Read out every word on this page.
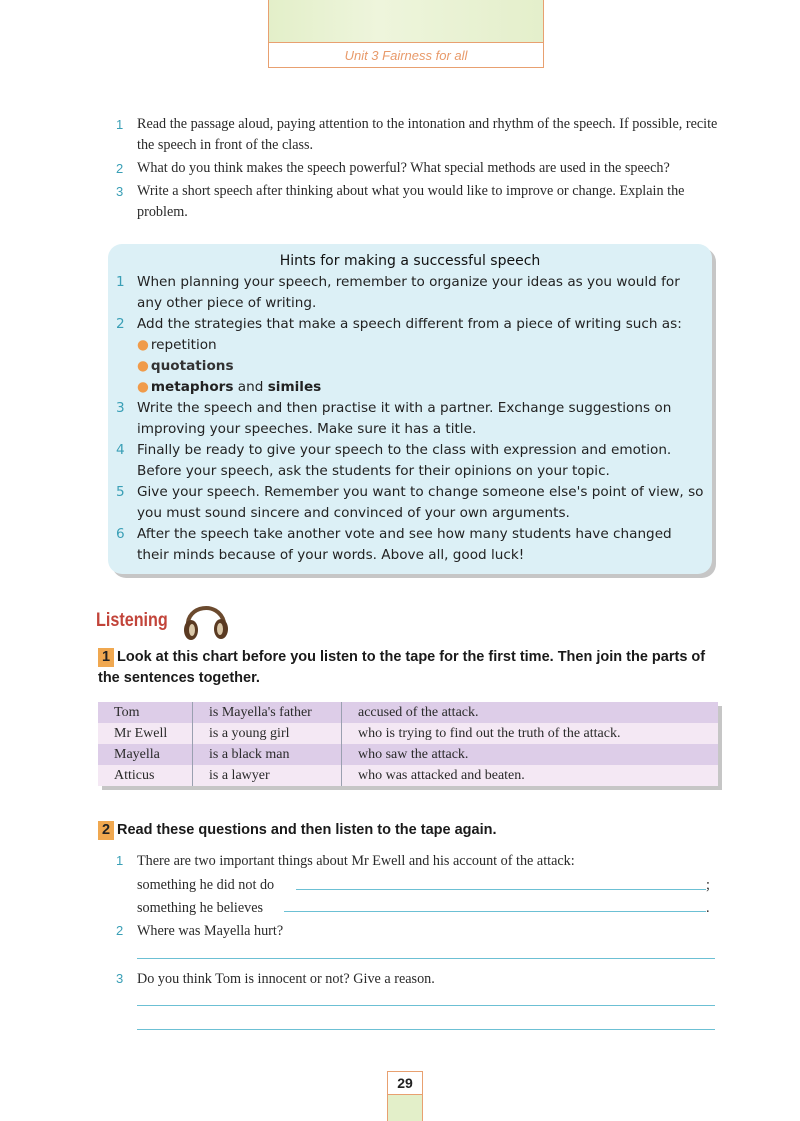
Unit 3 Fairness for all
1 Read the passage aloud, paying attention to the intonation and rhythm of the speech. If possible, recite the speech in front of the class.
2 What do you think makes the speech powerful? What special methods are used in the speech?
3 Write a short speech after thinking about what you would like to improve or change. Explain the problem.
Hints for making a successful speech
1 When planning your speech, remember to organize your ideas as you would for any other piece of writing.
2 Add the strategies that make a speech different from a piece of writing such as:
● repetition
● quotations
● metaphors and similes
3 Write the speech and then practise it with a partner. Exchange suggestions on improving your speeches. Make sure it has a title.
4 Finally be ready to give your speech to the class with expression and emotion. Before your speech, ask the students for their opinions on your topic.
5 Give your speech. Remember you want to change someone else's point of view, so you must sound sincere and convinced of your own arguments.
6 After the speech take another vote and see how many students have changed their minds because of your words. Above all, good luck!
Listening
1 Look at this chart before you listen to the tape for the first time. Then join the parts of the sentences together.
Tom	is Mayella's father	accused of the attack.
Mr Ewell	is a young girl	who is trying to find out the truth of the attack.
Mayella	is a black man	who saw the attack.
Atticus	is a lawyer	who was attacked and beaten.
2 Read these questions and then listen to the tape again.
1 There are two important things about Mr Ewell and his account of the attack:
something he did not do	;
something he believes	.
2 Where was Mayella hurt?
3 Do you think Tom is innocent or not? Give a reason.
29
